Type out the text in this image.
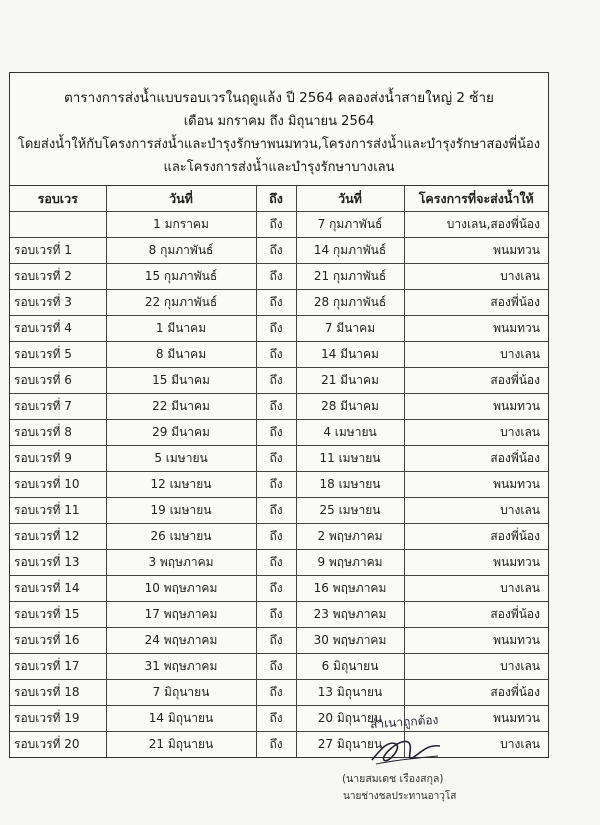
ตารางการส่งน้ำแบบรอบเวรในฤดูแล้ง ปี 2564 คลองส่งน้ำสายใหญ่ 2 ซ้าย
เดือน มกราคม ถึง มิถุนายน 2564
โดยส่งน้ำให้กับโครงการส่งน้ำและบำรุงรักษาพนมทวน,โครงการส่งน้ำและบำรุงรักษาสองพี่น้อง
และโครงการส่งน้ำและบำรุงรักษาบางเลน
รอบเวร	วันที่	ถึง	วันที่	โครงการที่จะส่งน้ำให้
	1 มกราคม	ถึง	7 กุมภาพันธ์	บางเลน,สองพี่น้อง
รอบเวรที่ 1	8 กุมภาพันธ์	ถึง	14 กุมภาพันธ์	พนมทวน
รอบเวรที่ 2	15 กุมภาพันธ์	ถึง	21 กุมภาพันธ์	บางเลน
รอบเวรที่ 3	22 กุมภาพันธ์	ถึง	28 กุมภาพันธ์	สองพี่น้อง
รอบเวรที่ 4	1 มีนาคม	ถึง	7 มีนาคม	พนมทวน
รอบเวรที่ 5	8 มีนาคม	ถึง	14 มีนาคม	บางเลน
รอบเวรที่ 6	15 มีนาคม	ถึง	21 มีนาคม	สองพี่น้อง
รอบเวรที่ 7	22 มีนาคม	ถึง	28 มีนาคม	พนมทวน
รอบเวรที่ 8	29 มีนาคม	ถึง	4 เมษายน	บางเลน
รอบเวรที่ 9	5 เมษายน	ถึง	11 เมษายน	สองพี่น้อง
รอบเวรที่ 10	12 เมษายน	ถึง	18 เมษายน	พนมทวน
รอบเวรที่ 11	19 เมษายน	ถึง	25 เมษายน	บางเลน
รอบเวรที่ 12	26 เมษายน	ถึง	2 พฤษภาคม	สองพี่น้อง
รอบเวรที่ 13	3 พฤษภาคม	ถึง	9 พฤษภาคม	พนมทวน
รอบเวรที่ 14	10 พฤษภาคม	ถึง	16 พฤษภาคม	บางเลน
รอบเวรที่ 15	17 พฤษภาคม	ถึง	23 พฤษภาคม	สองพี่น้อง
รอบเวรที่ 16	24 พฤษภาคม	ถึง	30 พฤษภาคม	พนมทวน
รอบเวรที่ 17	31 พฤษภาคม	ถึง	6 มิถุนายน	บางเลน
รอบเวรที่ 18	7 มิถุนายน	ถึง	13 มิถุนายน	สองพี่น้อง
รอบเวรที่ 19	14 มิถุนายน	ถึง	20 มิถุนายน	พนมทวน
รอบเวรที่ 20	21 มิถุนายน	ถึง	27 มิถุนายน	บางเลน
สำเนาถูกต้อง
(นายสมเดช เรืองสกุล)
นายช่างชลประทานอาวุโส
